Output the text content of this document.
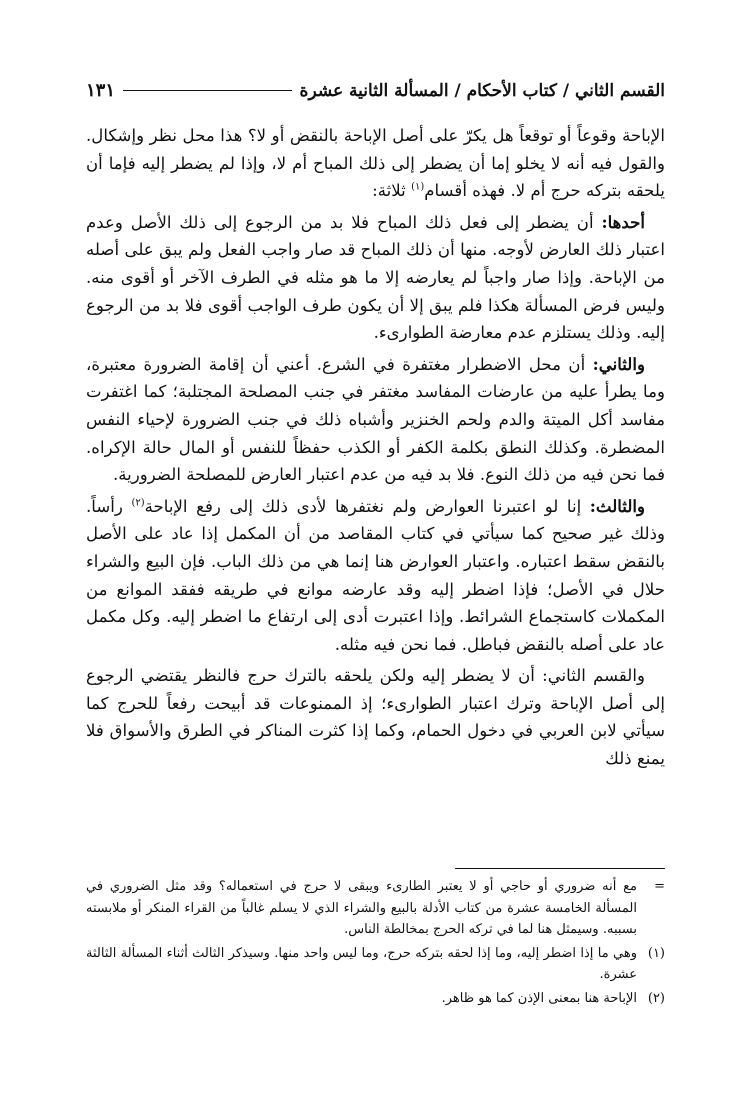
القسم الثاني / كتاب الأحكام / المسألة الثانية عشرة
١٣١

الإباحة وقوعاً أو توقعاً هل يكرّ على أصل الإباحة بالنقض أو لا؟ هذا محل نظر وإشكال. والقول فيه أنه لا يخلو إما أن يضطر إلى ذلك المباح أم لا، وإذا لم يضطر إليه فإما أن يلحقه بتركه حرج أم لا. فهذه أقسام$^{(١)}$ ثلاثة:

أحدها: أن يضطر إلى فعل ذلك المباح فلا بد من الرجوع إلى ذلك الأصل وعدم اعتبار ذلك العارض لأوجه. منها أن ذلك المباح قد صار واجب الفعل ولم يبق على أصله من الإباحة. وإذا صار واجباً لم يعارضه إلا ما هو مثله في الطرف الآخر أو أقوى منه. وليس فرض المسألة هكذا فلم يبق إلا أن يكون طرف الواجب أقوى فلا بد من الرجوع إليه. وذلك يستلزم عدم معارضة الطوارىء.

والثاني: أن محل الاضطرار مغتفرة في الشرع. أعني أن إقامة الضرورة معتبرة، وما يطرأ عليه من عارضات المفاسد مغتفر في جنب المصلحة المجتلبة؛ كما اغتفرت مفاسد أكل الميتة والدم ولحم الخنزير وأشباه ذلك في جنب الضرورة لإحياء النفس المضطرة. وكذلك النطق بكلمة الكفر أو الكذب حفظاً للنفس أو المال حالة الإكراه. فما نحن فيه من ذلك النوع. فلا بد فيه من عدم اعتبار العارض للمصلحة الضرورية.

والثالث: إنا لو اعتبرنا العوارض ولم نغتفرها لأدى ذلك إلى رفع الإباحة$^{(٢)}$ رأساً. وذلك غير صحيح كما سيأتي في كتاب المقاصد من أن المكمل إذا عاد على الأصل بالنقض سقط اعتباره. واعتبار العوارض هنا إنما هي من ذلك الباب. فإن البيع والشراء حلال في الأصل؛ فإذا اضطر إليه وقد عارضه موانع في طريقه ففقد الموانع من المكملات كاستجماع الشرائط. وإذا اعتبرت أدى إلى ارتفاع ما اضطر إليه. وكل مكمل عاد على أصله بالنقض فباطل. فما نحن فيه مثله.

والقسم الثاني: أن لا يضطر إليه ولكن يلحقه بالترك حرج فالنظر يقتضي الرجوع إلى أصل الإباحة وترك اعتبار الطوارىء؛ إذ الممنوعات قد أبيحت رفعاً للحرج كما سيأتي لابن العربي في دخول الحمام، وكما إذا كثرت المناكر في الطرق والأسواق فلا يمنع ذلك

=
مع أنه ضروري أو حاجي أو لا يعتبر الطارىء ويبقى لا حرج في استعماله؟ وقد مثل الضروري في المسألة الخامسة عشرة من كتاب الأدلة بالبيع والشراء الذي لا يسلم غالباً من القراء المنكر أو ملابسته بسببه. وسيمثل هنا لما في تركه الحرج بمخالطة الناس.
(١)
وهي ما إذا اضطر إليه، وما إذا لحقه بتركه حرج، وما ليس واحد منها. وسيذكر الثالث أثناء المسألة الثالثة عشرة.
(٢)
الإباحة هنا بمعنى الإذن كما هو ظاهر.
